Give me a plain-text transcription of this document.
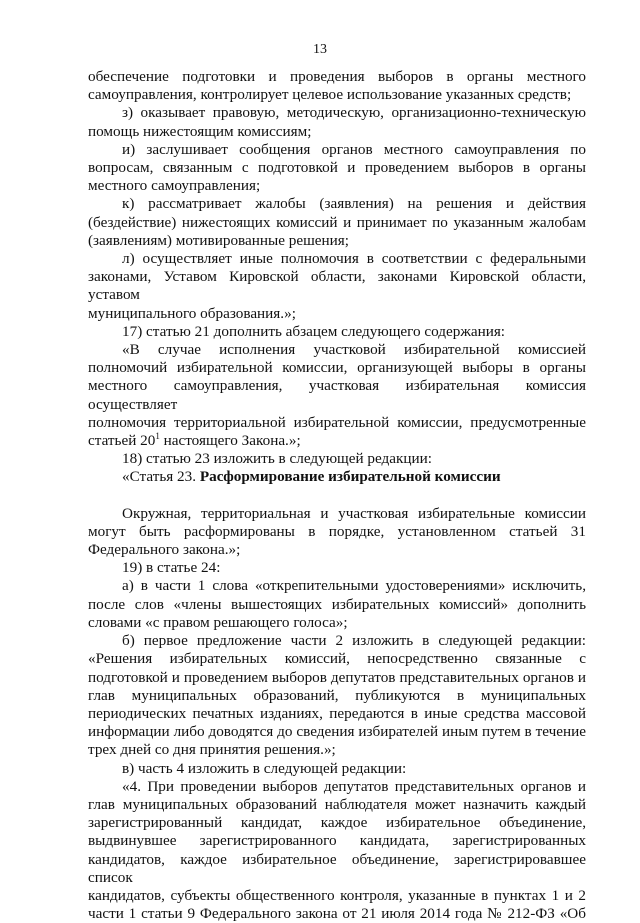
13
обеспечение подготовки и проведения выборов в органы местного
самоуправления, контролирует целевое использование указанных средств;
з) оказывает правовую, методическую, организационно-техническую
помощь нижестоящим комиссиям;
и) заслушивает сообщения органов местного самоуправления по
вопросам, связанным с подготовкой и проведением выборов в органы
местного самоуправления;
к) рассматривает жалобы (заявления) на решения и действия
(бездействие) нижестоящих комиссий и принимает по указанным жалобам
(заявлениям) мотивированные решения;
л) осуществляет иные полномочия в соответствии с федеральными
законами, Уставом Кировской области, законами Кировской области, уставом
муниципального образования.»;
17) статью 21 дополнить абзацем следующего содержания:
«В случае исполнения участковой избирательной комиссией
полномочий избирательной комиссии, организующей выборы в органы
местного самоуправления, участковая избирательная комиссия осуществляет
полномочия территориальной избирательной комиссии, предусмотренные
статьей $20^1$ настоящего Закона.»;
18) статью 23 изложить в следующей редакции:
«Статья 23. Расформирование избирательной комиссии
Окружная, территориальная и участковая избирательные комиссии
могут быть расформированы в порядке, установленном статьей 31
Федерального закона.»;
19) в статье 24:
а) в части 1 слова «открепительными удостоверениями» исключить,
после слов «члены вышестоящих избирательных комиссий» дополнить
словами «с правом решающего голоса»;
б) первое предложение части 2 изложить в следующей редакции:
«Решения избирательных комиссий, непосредственно связанные с
подготовкой и проведением выборов депутатов представительных органов и
глав муниципальных образований, публикуются в муниципальных
периодических печатных изданиях, передаются в иные средства массовой
информации либо доводятся до сведения избирателей иным путем в течение
трех дней со дня принятия решения.»;
в) часть 4 изложить в следующей редакции:
«4. При проведении выборов депутатов представительных органов и
глав муниципальных образований наблюдателя может назначить каждый
зарегистрированный кандидат, каждое избирательное объединение,
выдвинувшее зарегистрированного кандидата, зарегистрированных
кандидатов, каждое избирательное объединение, зарегистрировавшее список
кандидатов, субъекты общественного контроля, указанные в пунктах 1 и 2
части 1 статьи 9 Федерального закона от 21 июля 2014 года № 212-ФЗ «Об
